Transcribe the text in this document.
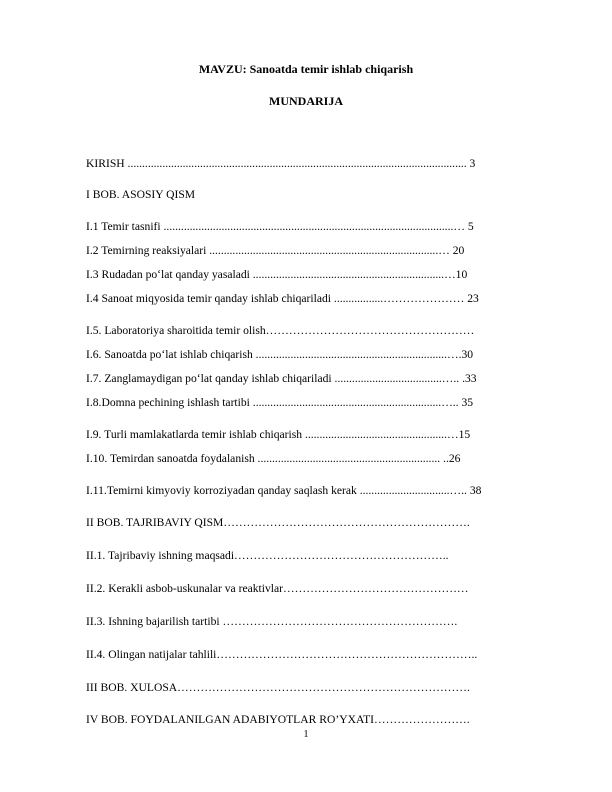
MAVZU: Sanoatda temir ishlab chiqarish
MUNDARIJA
KIRISH ..................................................................................................................... 3
I BOB. ASOSIY QISM
I.1 Temir tasnifi ....................................................................................................… 5
I.2 Temirning reaksiyalari ...............................................................................… 20
I.3 Rudadan po‘lat qanday yasaladi ..................................................................…10
I.4 Sanoat miqyosida temir qanday ishlab chiqariladi .................………………… 23
I.5. Laboratoriya sharoitida temir olish………………………………………………
I.6. Sanoatda po‘lat ishlab chiqarish ..................................................................….30
I.7. Zanglamaydigan po‘lat qanday ishlab chiqariladi .....................................….. .33
I.8.Domna pechining ishlash tartibi .................................................................….. 35
I.9. Turli mamlakatlarda temir ishlab chiqarish .................................................…15
I.10. Temirdan sanoatda foydalanish ............................................................... ..26
I.11.Temirni kimyoviy korroziyadan qanday saqlash kerak ...............................….. 38
II BOB. TAJRIBAVIY QISM……………………………………………………….
II.1. Tajribaviy ishning maqsadi………………………………………………..
II.2. Kerakli asbob-uskunalar va reaktivlar…………………………………………
II.3. Ishning bajarilish tartibi …………………………………………………….
II.4. Olingan natijalar tahlili…………………………………………………………..
III BOB. XULOSA………………………………………………………………….
IV BOB. FOYDALANILGAN ADABIYOTLAR RO’YXATI…………………….
1
